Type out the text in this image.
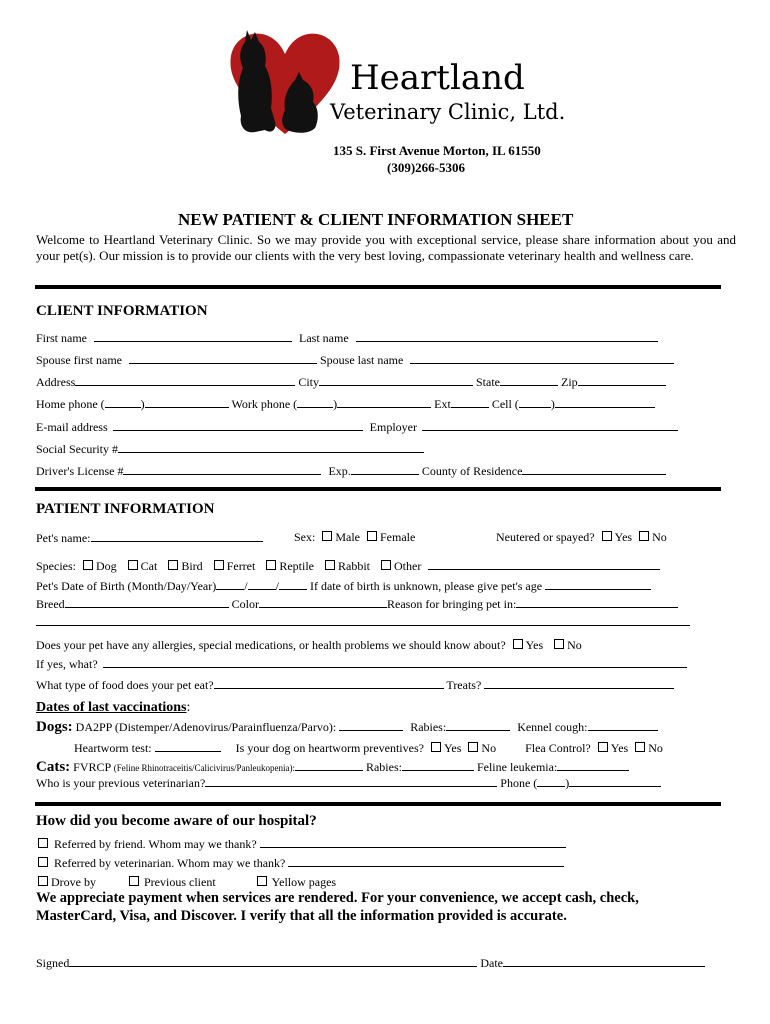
Heartland
Veterinary Clinic, Ltd.
135 S. First Avenue Morton, IL 61550
(309)266-5306
NEW PATIENT & CLIENT INFORMATION SHEET
Welcome to Heartland Veterinary Clinic. So we may provide you with exceptional service, please share information about you and your pet(s). Our mission is to provide our clients with the very best loving, compassionate veterinary health and wellness care.
CLIENT INFORMATION
First name	Last name
Spouse first name	Spouse last name
Address	City	State	Zip
Home phone (	)	Work phone (	)	Ext	Cell (	)
E-mail address	Employer
Social Security #
Driver's License #	Exp.	County of Residence
PATIENT INFORMATION
Pet's name:	Sex: Male Female	Neutered or spayed? Yes No
Species: Dog Cat Bird Ferret Reptile Rabbit Other
Pet's Date of Birth (Month/Day/Year) / /	If date of birth is unknown, please give pet's age
Breed	Color	Reason for bringing pet in:
Does your pet have any allergies, special medications, or health problems we should know about? Yes No
If yes, what?
What type of food does your pet eat?	Treats?
Dates of last vaccinations:
Dogs: DA2PP (Distemper/Adenovirus/Parainfluenza/Parvo):	Rabies:	Kennel cough:
Heartworm test:	Is your dog on heartworm preventives? Yes No Flea Control? Yes No
Cats: FVRCP (Feline Rhinotraceitis/Calicivirus/Panleukopenia):	Rabies:	Feline leukemia:
Who is your previous veterinarian?	Phone ( )
How did you become aware of our hospital?
Referred by friend. Whom may we thank?
Referred by veterinarian. Whom may we thank?
Drove by	Previous client	Yellow pages
We appreciate payment when services are rendered. For your convenience, we accept cash, check,
MasterCard, Visa, and Discover. I verify that all the information provided is accurate.
Signed	Date
